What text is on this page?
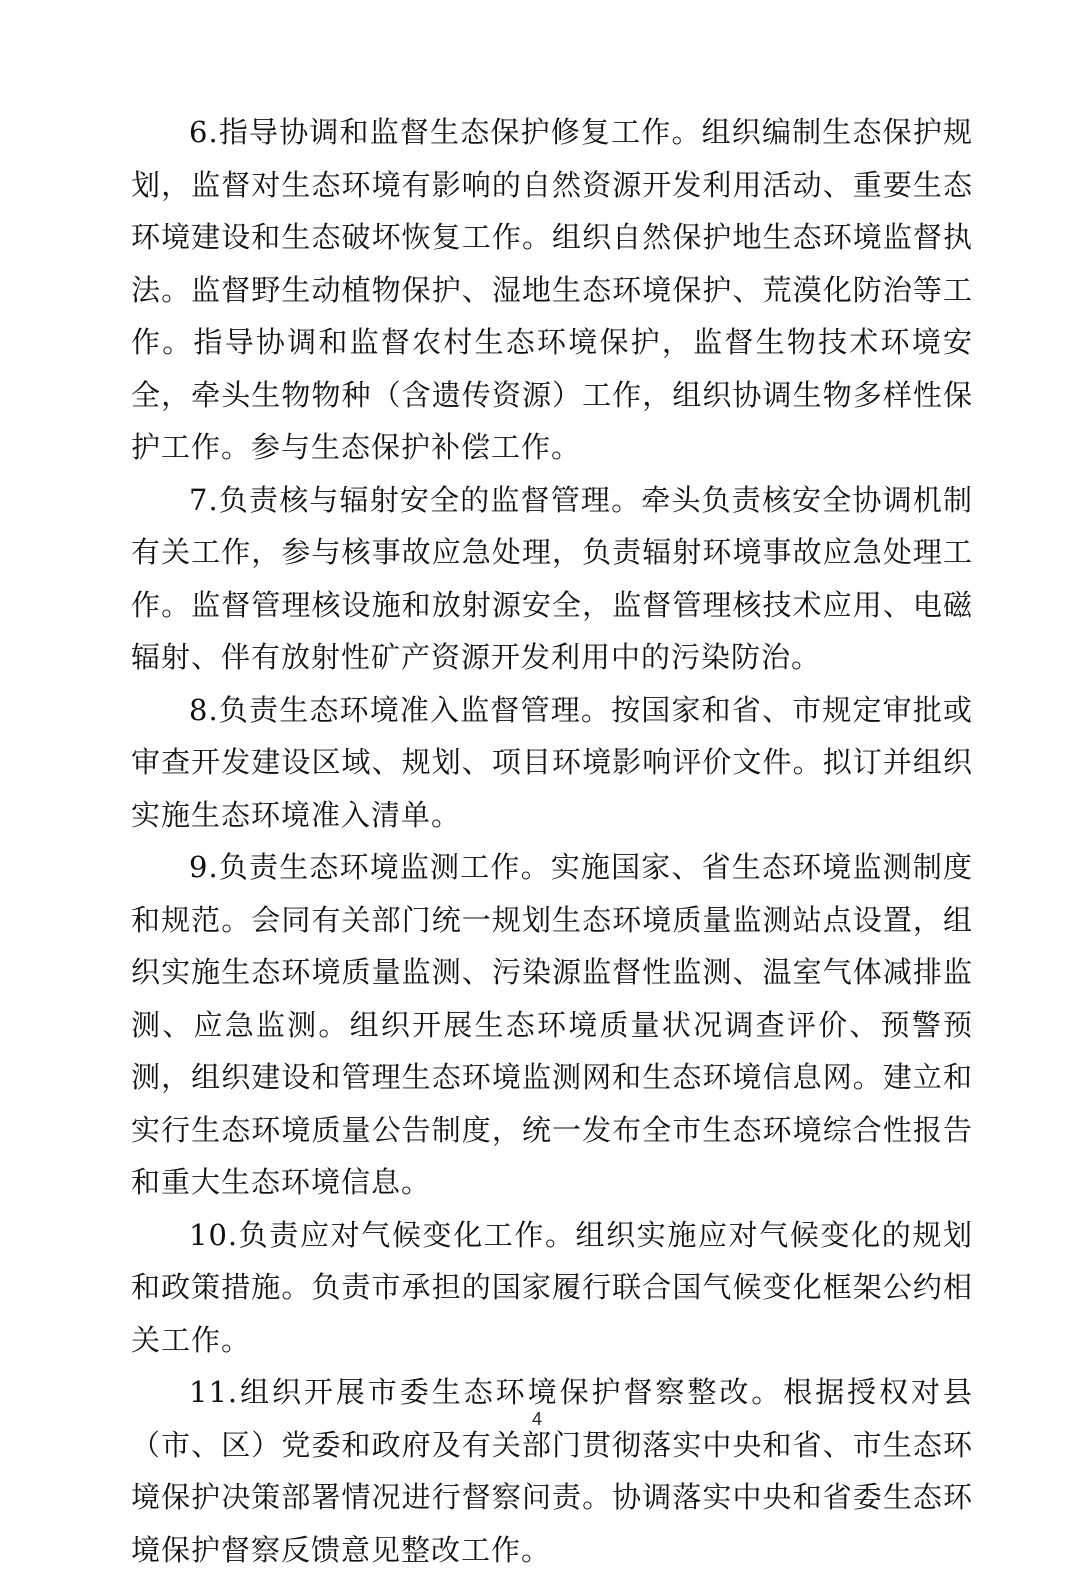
6.指导协调和监督生态保护修复工作。组织编制生态保护规划，监督对生态环境有影响的自然资源开发利用活动、重要生态环境建设和生态破坏恢复工作。组织自然保护地生态环境监督执法。监督野生动植物保护、湿地生态环境保护、荒漠化防治等工作。指导协调和监督农村生态环境保护，监督生物技术环境安全，牵头生物物种（含遗传资源）工作，组织协调生物多样性保护工作。参与生态保护补偿工作。

7.负责核与辐射安全的监督管理。牵头负责核安全协调机制有关工作，参与核事故应急处理，负责辐射环境事故应急处理工作。监督管理核设施和放射源安全，监督管理核技术应用、电磁辐射、伴有放射性矿产资源开发利用中的污染防治。

8.负责生态环境准入监督管理。按国家和省、市规定审批或审查开发建设区域、规划、项目环境影响评价文件。拟订并组织实施生态环境准入清单。

9.负责生态环境监测工作。实施国家、省生态环境监测制度和规范。会同有关部门统一规划生态环境质量监测站点设置，组织实施生态环境质量监测、污染源监督性监测、温室气体减排监测、应急监测。组织开展生态环境质量状况调查评价、预警预测，组织建设和管理生态环境监测网和生态环境信息网。建立和实行生态环境质量公告制度，统一发布全市生态环境综合性报告和重大生态环境信息。

10.负责应对气候变化工作。组织实施应对气候变化的规划和政策措施。负责市承担的国家履行联合国气候变化框架公约相关工作。

11.组织开展市委生态环境保护督察整改。根据授权对县（市、区）党委和政府及有关部门贯彻落实中央和省、市生态环境保护决策部署情况进行督察问责。协调落实中央和省委生态环境保护督察反馈意见整改工作。

4
